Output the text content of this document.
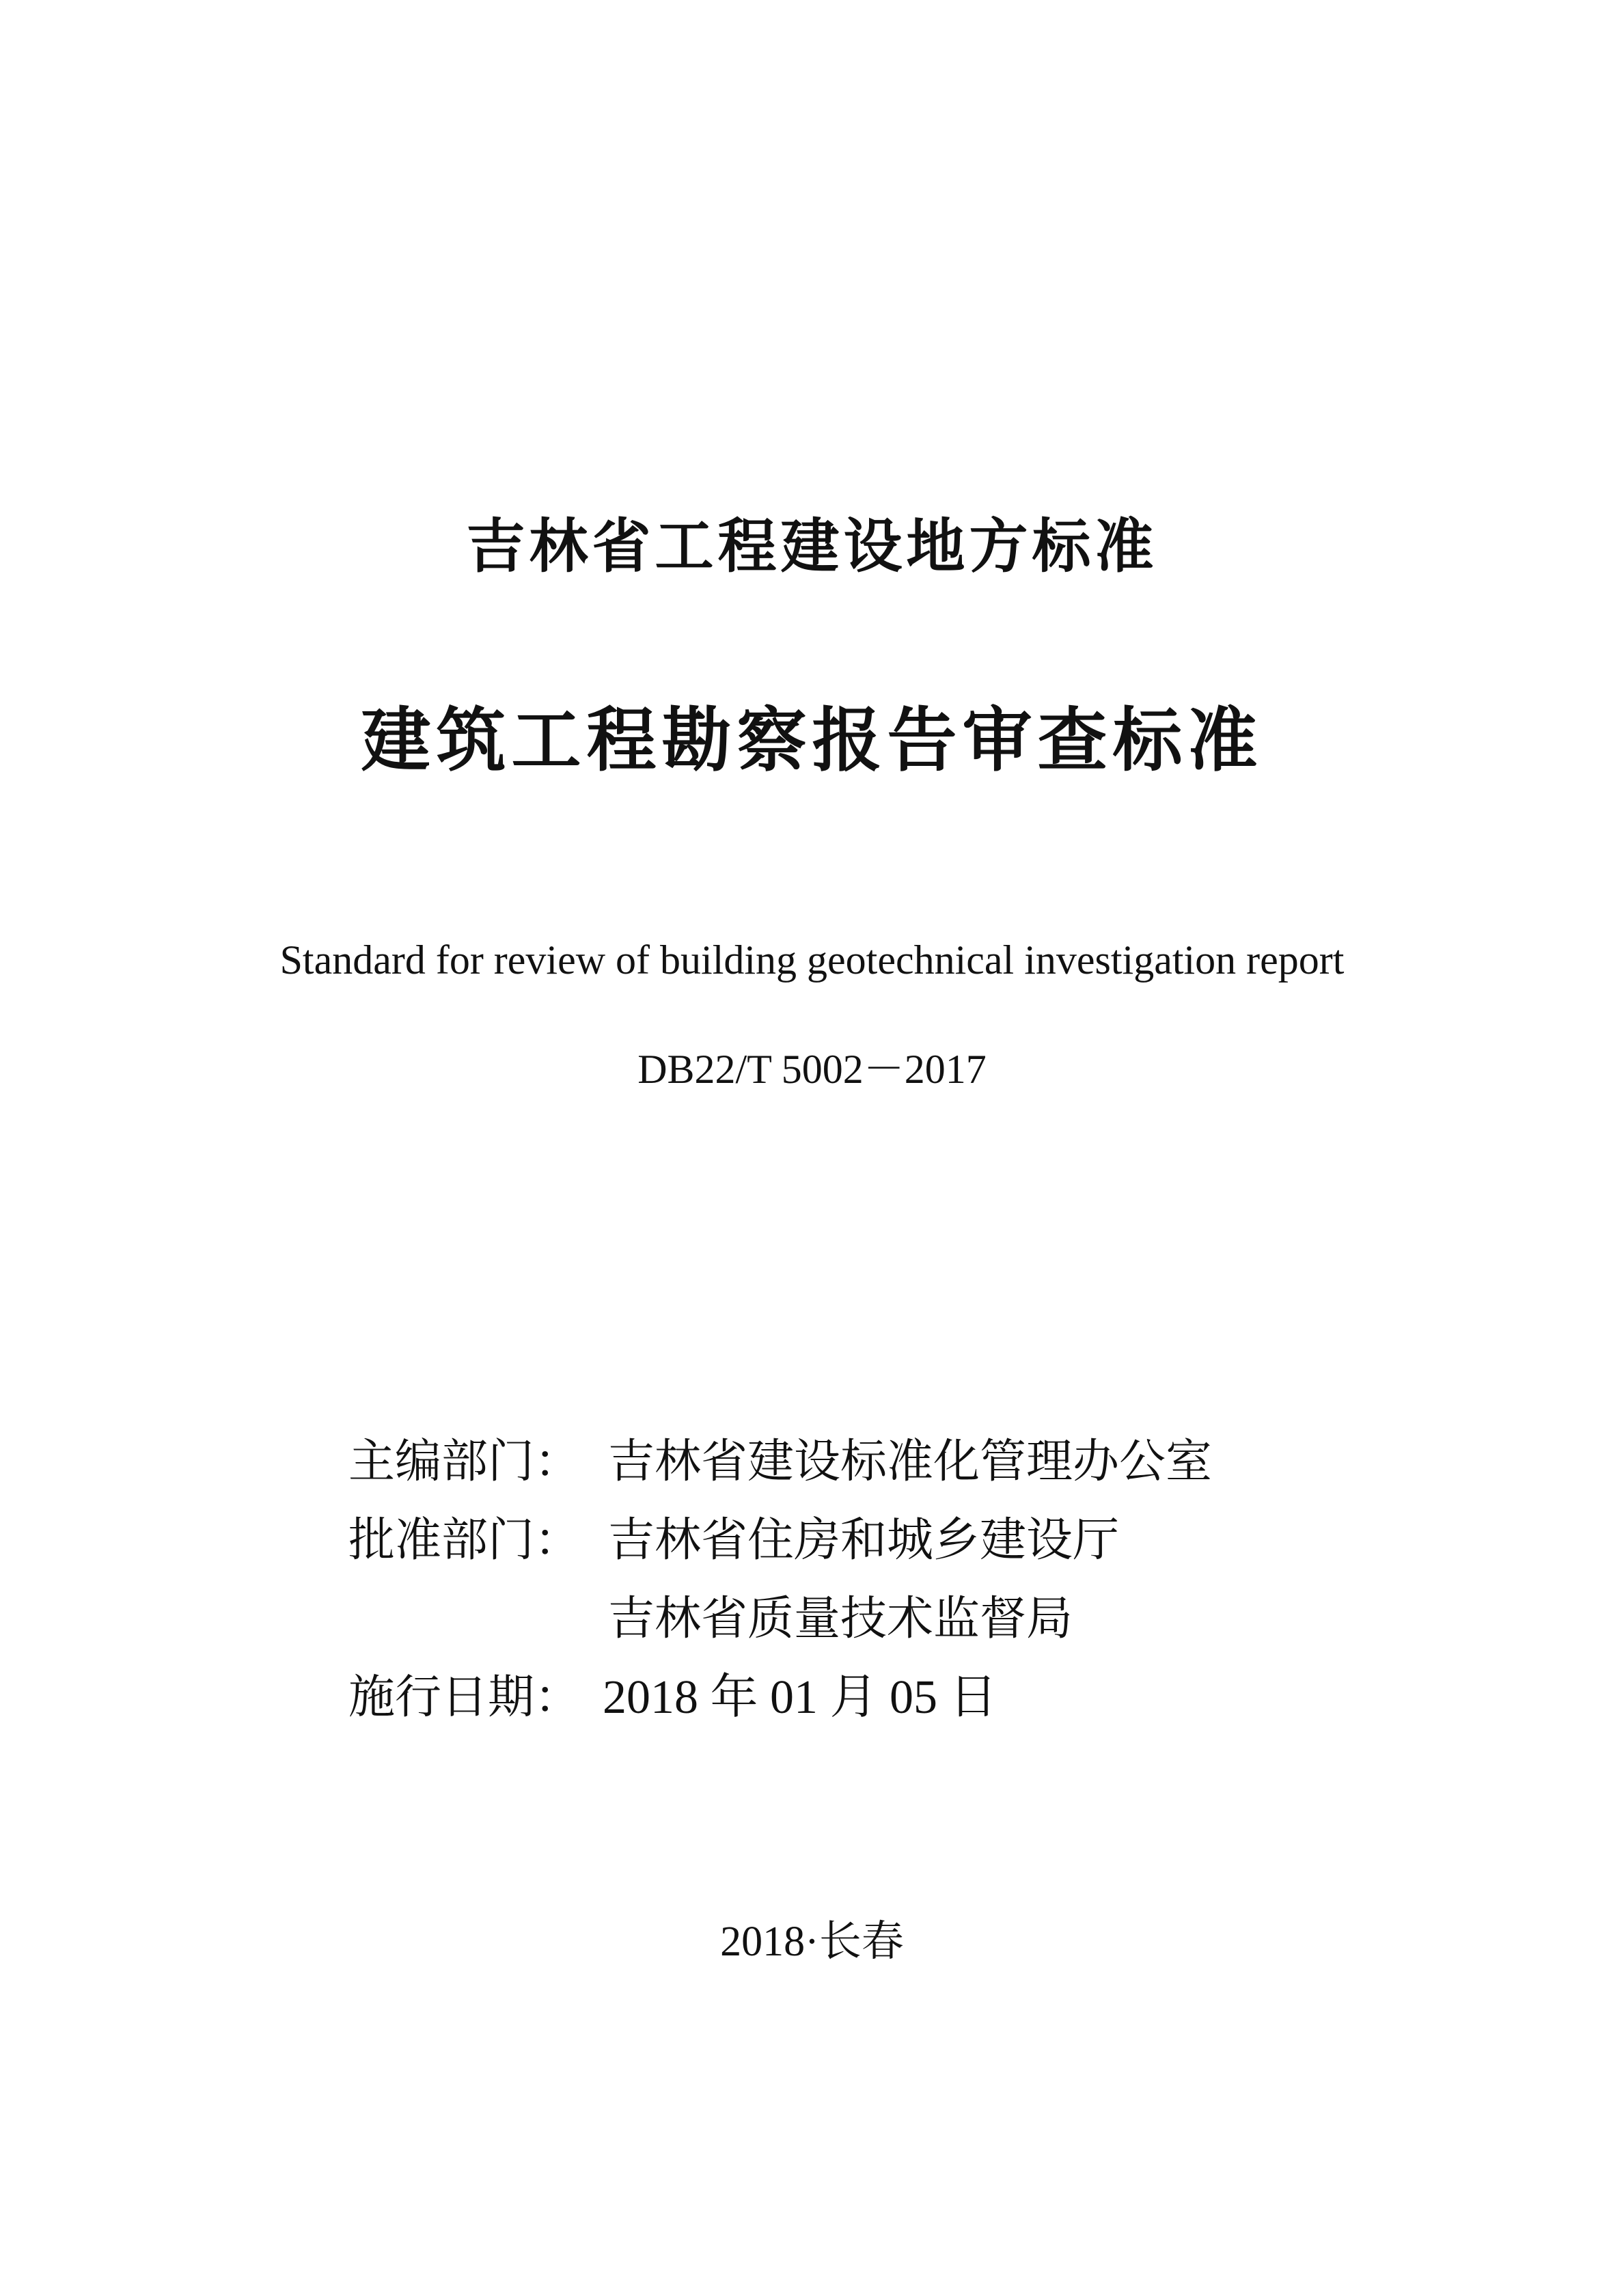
吉林省工程建设地方标准
建筑工程勘察报告审查标准
Standard for review of building geotechnical investigation report
DB22/T 5002－2017
主编部门： 吉林省建设标准化管理办公室
批准部门： 吉林省住房和城乡建设厅
吉林省质量技术监督局
施行日期： 2018 年 01 月 05 日
2018·长春
